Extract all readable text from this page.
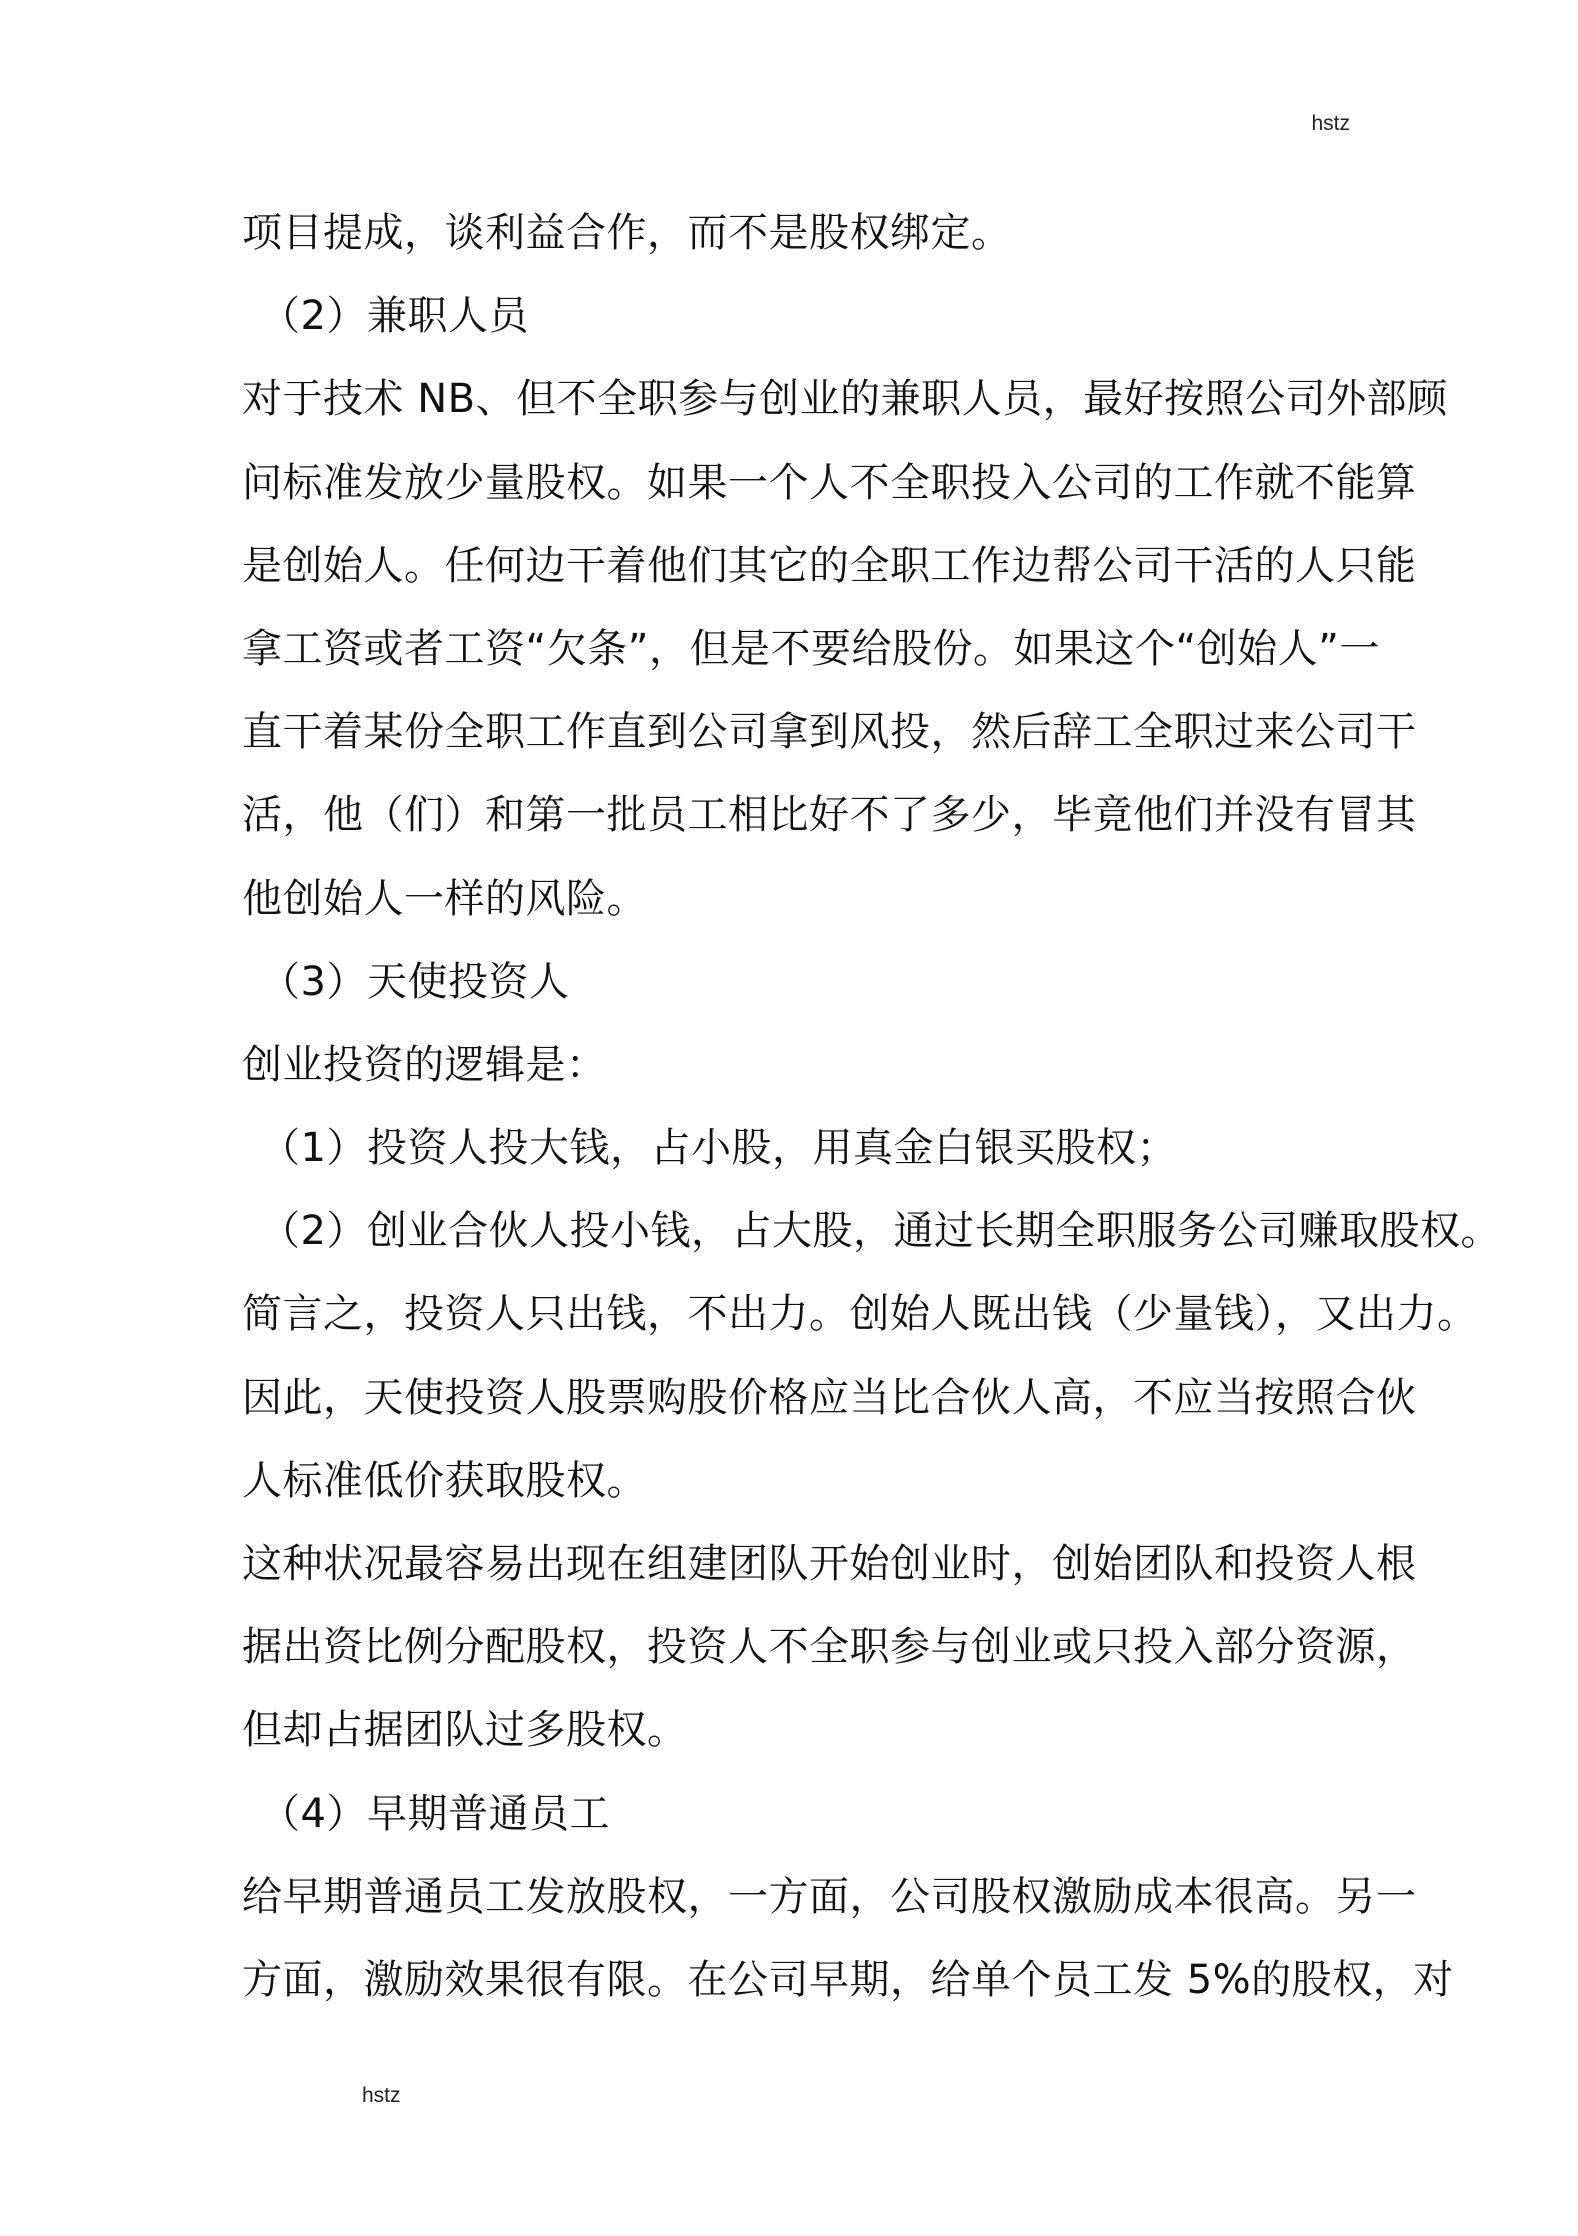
hstz
项目提成，谈利益合作，而不是股权绑定。
（2）兼职人员
对于技术 NB、但不全职参与创业的兼职人员，最好按照公司外部顾
问标准发放少量股权。如果一个人不全职投入公司的工作就不能算
是创始人。任何边干着他们其它的全职工作边帮公司干活的人只能
拿工资或者工资“欠条”，但是不要给股份。如果这个“创始人”一
直干着某份全职工作直到公司拿到风投，然后辞工全职过来公司干
活，他（们）和第一批员工相比好不了多少，毕竟他们并没有冒其
他创始人一样的风险。
（3）天使投资人
创业投资的逻辑是：
（1）投资人投大钱，占小股，用真金白银买股权；
（2）创业合伙人投小钱，占大股，通过长期全职服务公司赚取股权。
简言之，投资人只出钱，不出力。创始人既出钱（少量钱），又出力。
因此，天使投资人股票购股价格应当比合伙人高，不应当按照合伙
人标准低价获取股权。
这种状况最容易出现在组建团队开始创业时，创始团队和投资人根
据出资比例分配股权，投资人不全职参与创业或只投入部分资源，
但却占据团队过多股权。
（4）早期普通员工
给早期普通员工发放股权，一方面，公司股权激励成本很高。另一
方面，激励效果很有限。在公司早期，给单个员工发 5%的股权，对
hstz
